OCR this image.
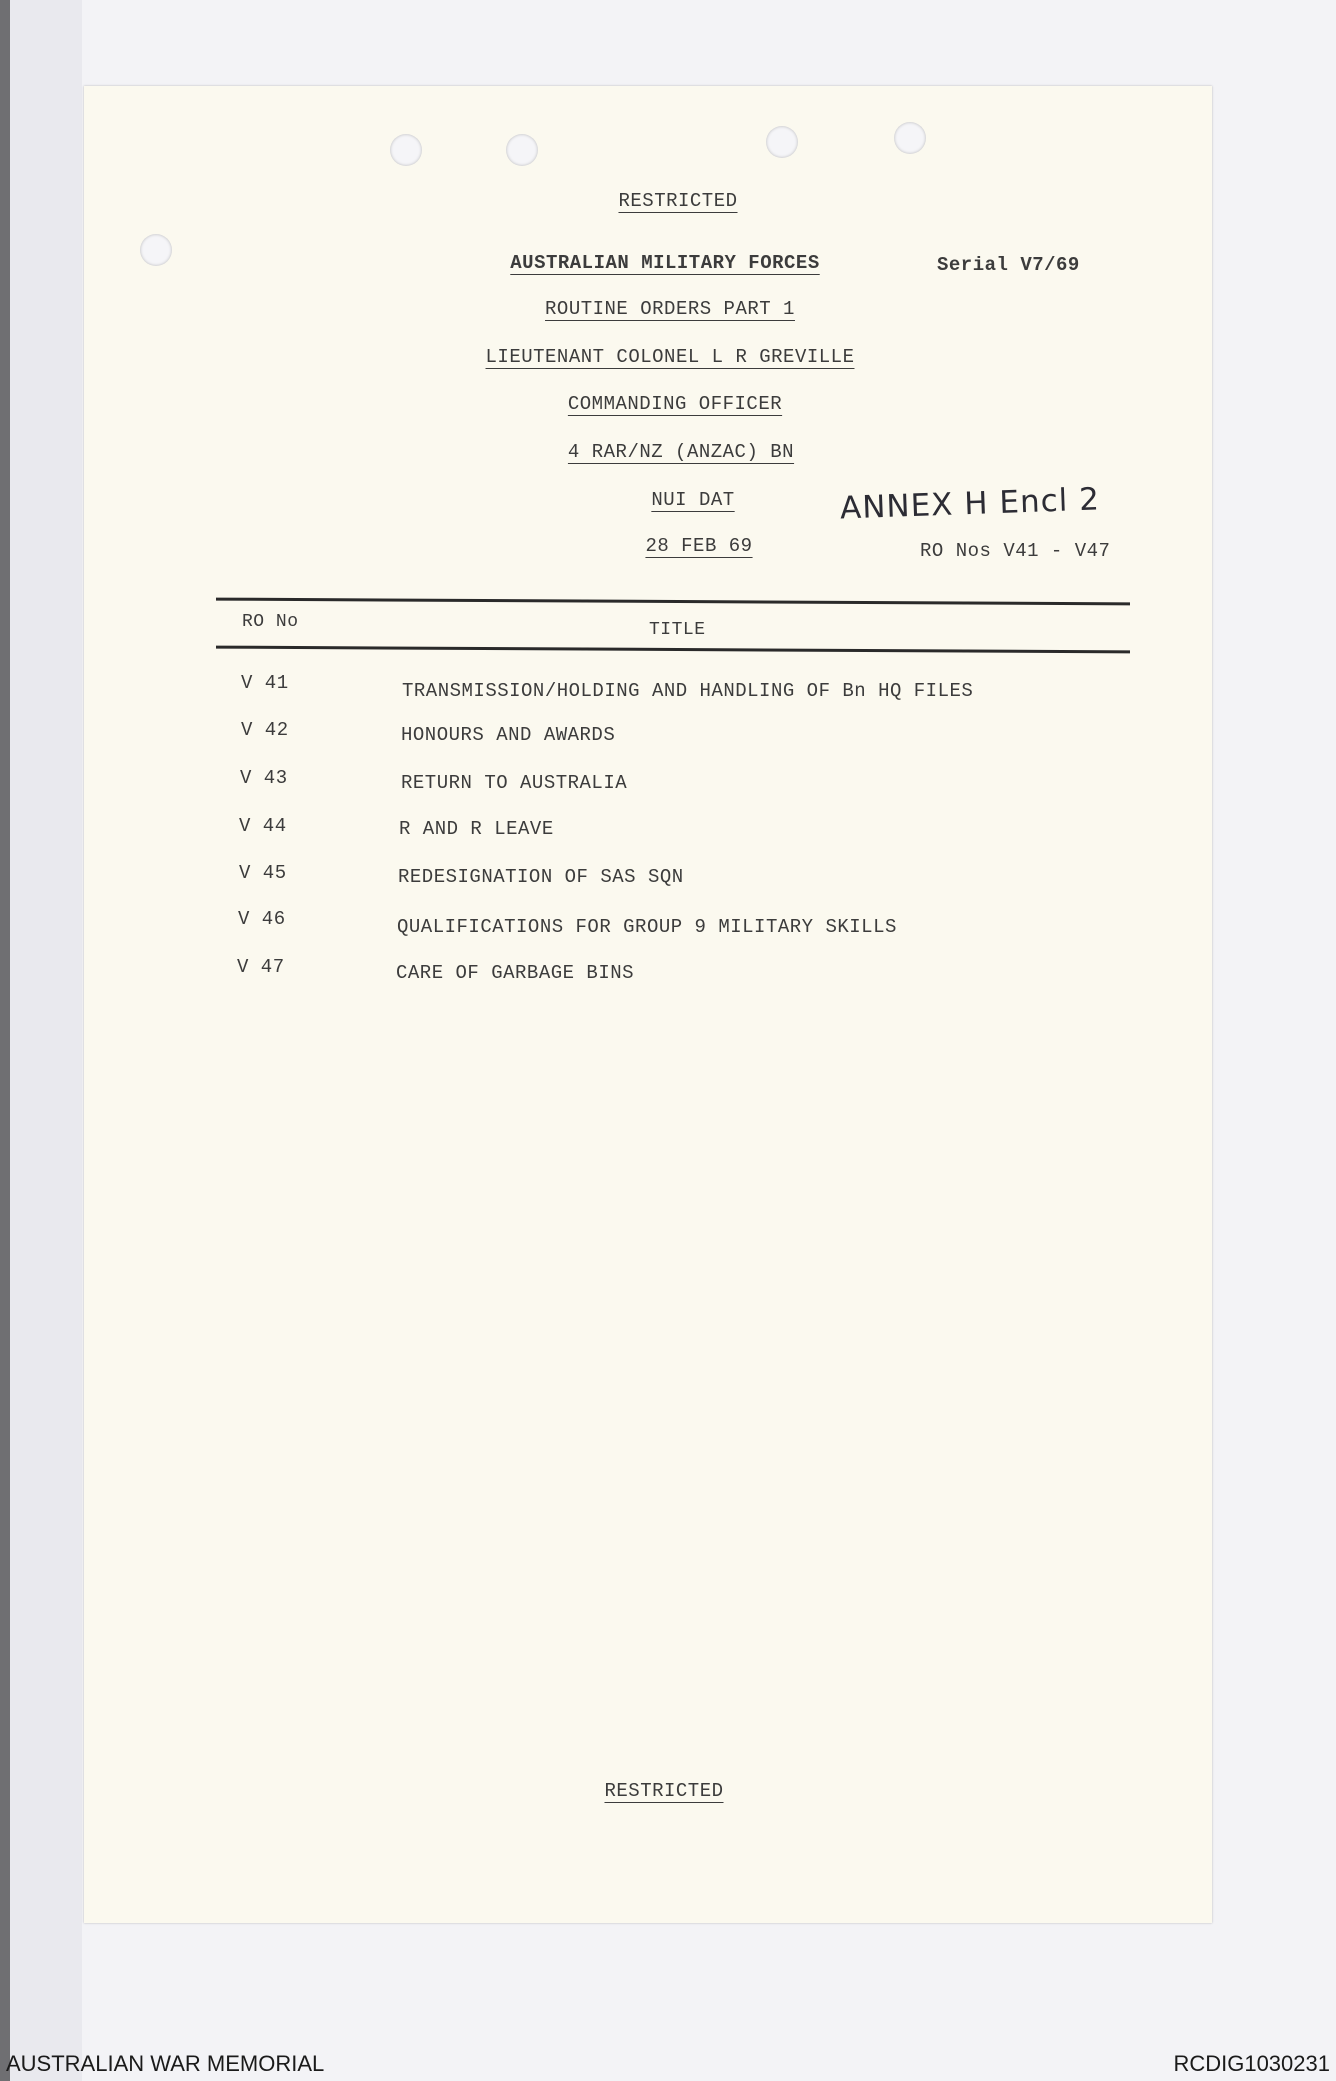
RESTRICTED
AUSTRALIAN MILITARY FORCES	Serial V7/69
ROUTINE ORDERS PART 1
LIEUTENANT COLONEL L R GREVILLE
COMMANDING OFFICER
4 RAR/NZ (ANZAC) BN
NUI DAT
28 FEB 69
ANNEX H Encl 2
RO Nos V41 - V47
RO No	TITLE
V 41	TRANSMISSION/HOLDING AND HANDLING OF Bn HQ FILES
V 42	HONOURS AND AWARDS
V 43	RETURN TO AUSTRALIA
V 44	R AND R LEAVE
V 45	REDESIGNATION OF SAS SQN
V 46	QUALIFICATIONS FOR GROUP 9 MILITARY SKILLS
V 47	CARE OF GARBAGE BINS
RESTRICTED
AUSTRALIAN WAR MEMORIAL	RCDIG1030231
